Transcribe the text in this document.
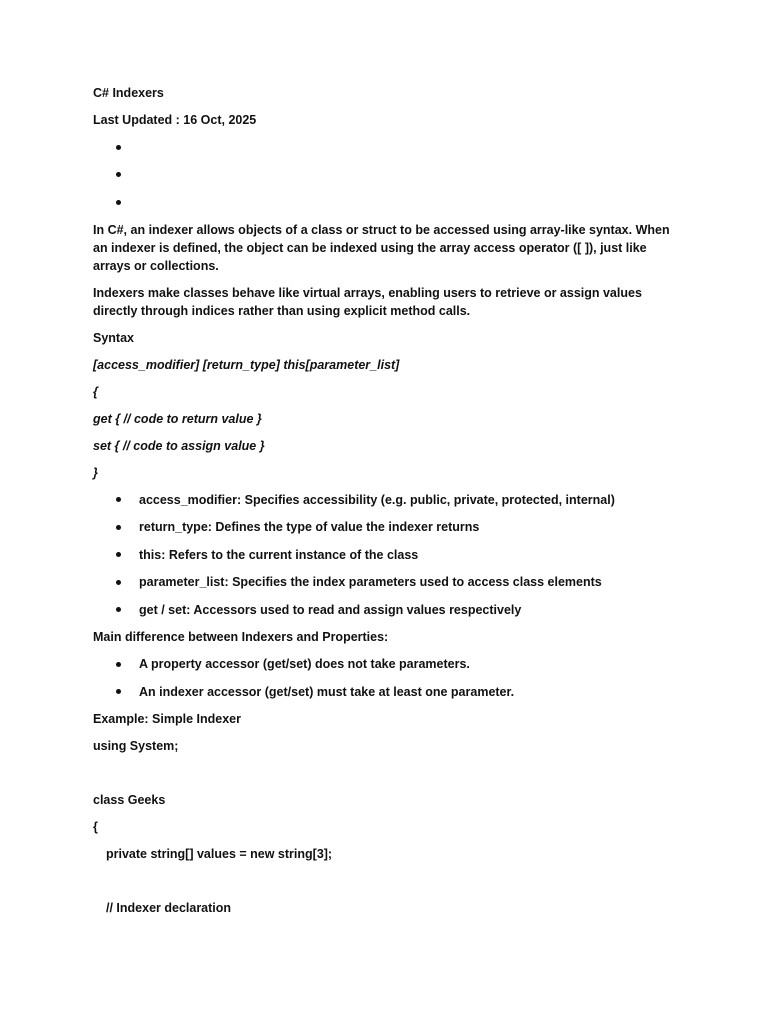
C# Indexers

Last Updated : 16 Oct, 2025

In C#, an indexer allows objects of a class or struct to be accessed using array-like syntax. When an indexer is defined, the object can be indexed using the array access operator ([ ]), just like arrays or collections.

Indexers make classes behave like virtual arrays, enabling users to retrieve or assign values directly through indices rather than using explicit method calls.

Syntax

[access_modifier] [return_type] this[parameter_list]

{

get { // code to return value }

set { // code to assign value }

}

access_modifier: Specifies accessibility (e.g. public, private, protected, internal)
return_type: Defines the type of value the indexer returns
this: Refers to the current instance of the class
parameter_list: Specifies the index parameters used to access class elements
get / set: Accessors used to read and assign values respectively

Main difference between Indexers and Properties:

A property accessor (get/set) does not take parameters.
An indexer accessor (get/set) must take at least one parameter.

Example: Simple Indexer

using System;

class Geeks

{

private string[] values = new string[3];

// Indexer declaration
